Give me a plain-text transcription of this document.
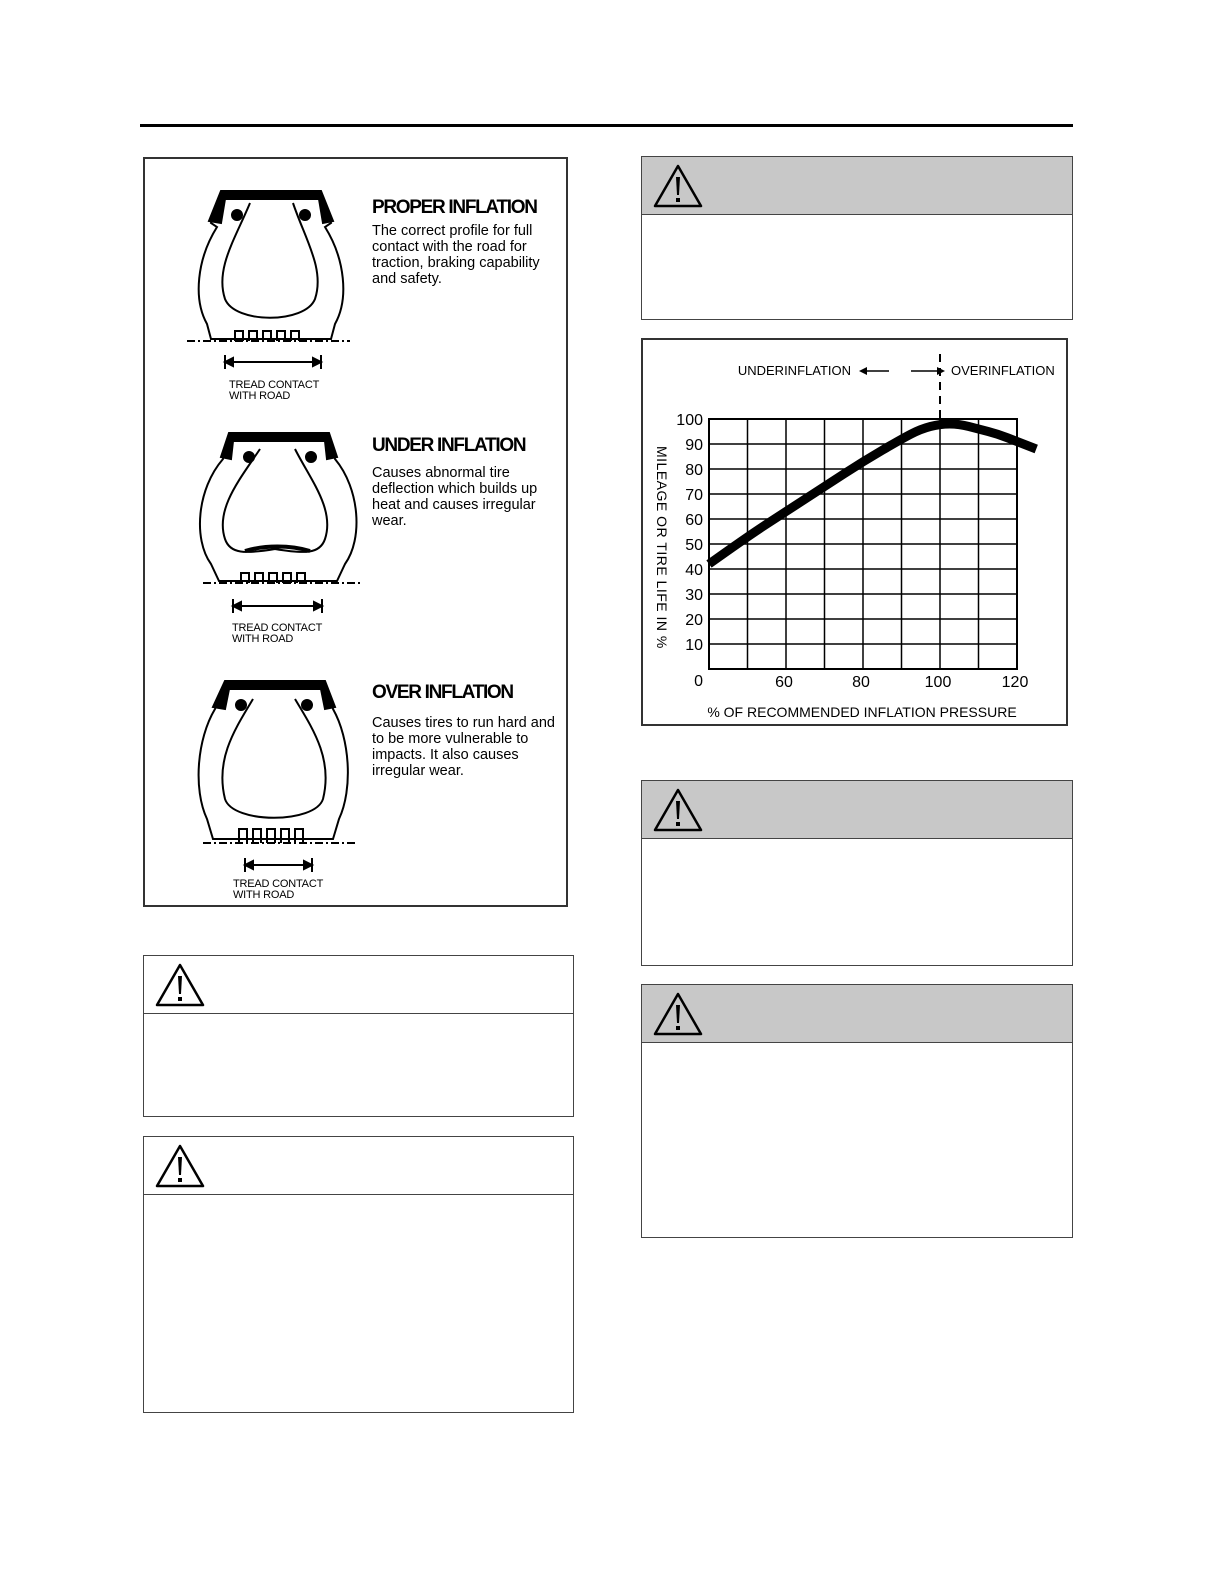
PROPER INFLATION

The correct profile for full contact with the road for traction, braking capability and safety.

TREAD CONTACT
WITH ROAD
UNDER INFLATION

Causes abnormal tire deflection which builds up heat and causes irregular wear.

TREAD CONTACT
WITH ROAD
OVER INFLATION

Causes tires to run hard and to be more vulnerable to impacts. It also causes irregular wear.

TREAD CONTACT
WITH ROAD
0
10
20
30
40
50
60
70
80
90
100
60	80	100	120
UNDERINFLATION	OVERINFLATION
% OF RECOMMENDED INFLATION PRESSURE
MILEAGE OR TIRE LIFE IN %
